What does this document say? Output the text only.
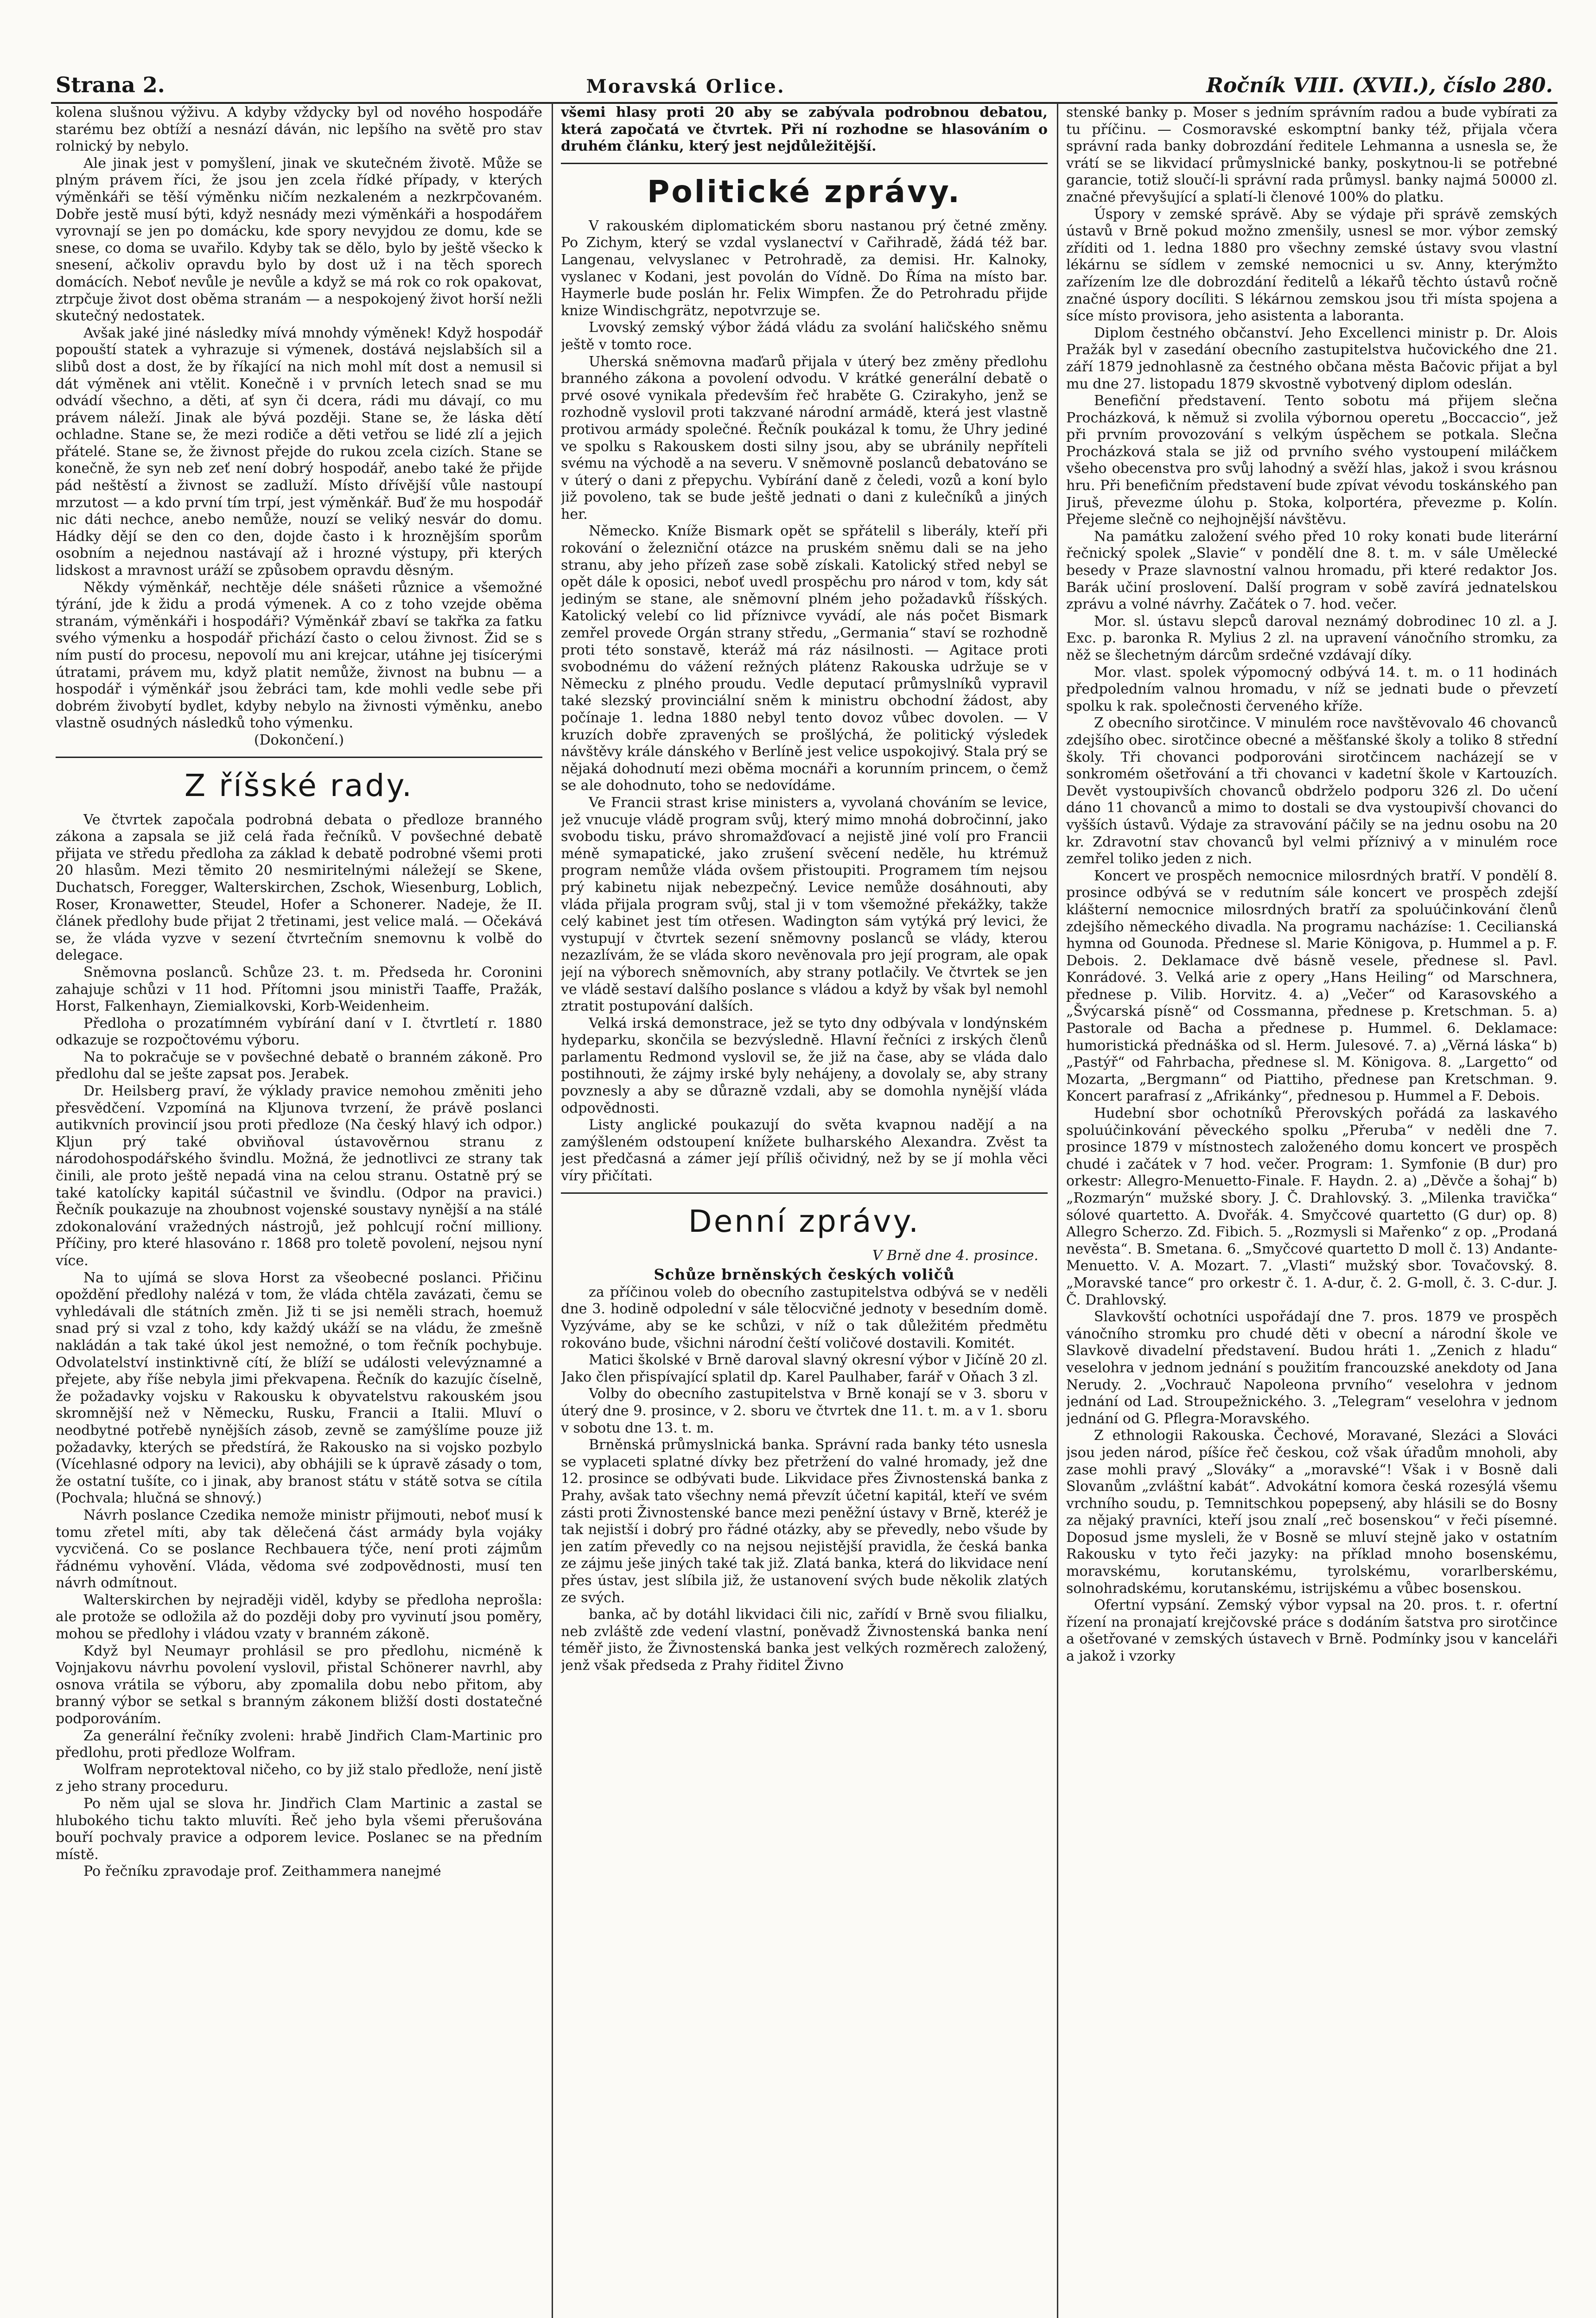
Strana 2.	Moravská Orlice.	Ročník VIII. (XVII.), číslo 280.

kolena slušnou výživu. A kdyby vždycky byl od nového hospodáře starému bez obtíží a nesnází dáván, nic lepšího na světě pro stav rolnický by nebylo.

Ale jinak jest v pomyšlení, jinak ve skutečném životě. Může se plným právem říci, že jsou jen zcela řídké případy, v kterých výměnkáři se těší výměnku ničím nezkaleném a nezkrpčovaném. Dobře jestě musí býti, když nesnády mezi výměnkáři a hospodářem vyrovnají se jen po domácku, kde spory nevyjdou ze domu, kde se snese, co doma se uvařilo. Kdyby tak se dělo, bylo by ještě všecko k snesení, ačkoliv opravdu bylo by dost už i na těch sporech domácích. Neboť nevůle je nevůle a když se má rok co rok opakovat, ztrpčuje život dost oběma stranám — a nespokojený život horší nežli skutečný nedostatek.

Avšak jaké jiné následky mívá mnohdy výměnek! Když hospodář popouští statek a vyhrazuje si výmenek, dostává nejslabších sil a slibů dost a dost, že by říkající na nich mohl mít dost a nemusil si dát výměnek ani vtělit. Konečně i v prvních letech snad se mu odvádí všechno, a děti, ať syn či dcera, rádi mu dávají, co mu právem náleží. Jinak ale bývá později. Stane se, že láska dětí ochladne. Stane se, že mezi rodiče a děti vetřou se lidé zlí a jejich přátelé. Stane se, že živnost přejde do rukou zcela cizích. Stane se konečně, že syn neb zeť není dobrý hospodář, anebo také že přijde pád neštěstí a živnost se zadluží. Místo dřívější vůle nastoupí mrzutost — a kdo první tím trpí, jest výměnkář. Buď že mu hospodář nic dáti nechce, anebo nemůže, nouzí se veliký nesvár do domu. Hádky dějí se den co den, dojde často i k hroznějším sporům osobním a nejednou nastávají až i hrozné výstupy, při kterých lidskost a mravnost uráží se způsobem opravdu děsným.

Někdy výměnkář, nechtěje déle snášeti různice a všemožné týrání, jde k židu a prodá výmenek. A co z toho vzejde oběma stranám, výměnkáři i hospodáři? Výměnkář zbaví se takřka za fatku svého výmenku a hospodář přichází často o celou živnost. Žid se s ním pustí do procesu, nepovolí mu ani krejcar, utáhne jej tisícerými útratami, právem mu, když platit nemůže, živnost na bubnu — a hospodář i výměnkář jsou žebráci tam, kde mohli vedle sebe při dobrém živobytí bydlet, kdyby nebylo na živnosti výměnku, anebo vlastně osudných následků toho výmenku.

(Dokončení.)

Z říšské rady.

Ve čtvrtek započala podrobná debata o předloze branného zákona a zapsala se již celá řada řečníků. V povšechné debatě přijata ve středu předloha za základ k debatě podrobné všemi proti 20 hlasům. Mezi těmito 20 nesmiritelnými náležejí se Skene, Duchatsch, Foregger, Walterskirchen, Zschok, Wiesenburg, Loblich, Roser, Kronawetter, Steudel, Hofer a Schonerer. Nadeje, že II. článek předlohy bude přijat 2 třetinami, jest velice malá. — Očekává se, že vláda vyzve v sezení čtvrtečním snemovnu k volbě do delegace.

Sněmovna poslanců. Schůze 23. t. m. Předseda hr. Coronini zahajuje schůzi v 11 hod. Přítomni jsou ministři Taaffe, Pražák, Horst, Falkenhayn, Ziemialkovski, Korb-Weidenheim.

Předloha o prozatímném vybírání daní v I. čtvrtletí r. 1880 odkazuje se rozpočtovému výboru.

Na to pokračuje se v povšechné debatě o branném zákoně. Pro předlohu dal se ješte zapsat pos. Jerabek.

Dr. Heilsberg praví, že výklady pravice nemohou změniti jeho přesvědčení. Vzpomíná na Kljunova tvrzení, že právě poslanci autikvních provincií jsou proti předloze (Na český hlavý ich odpor.) Kljun prý také obviňoval ústavověrnou stranu z národohospodářského švindlu. Možná, že jednotlivci ze strany tak činili, ale proto ještě nepadá vina na celou stranu. Ostatně prý se také katolícky kapitál súčastnil ve švindlu. (Odpor na pravici.) Řečník poukazuje na zhoubnost vojenské soustavy nynější a na stálé zdokonalování vražedných nástrojů, jež pohlcují roční milliony. Příčiny, pro které hlasováno r. 1868 pro toletě povolení, nejsou nyní více.

Na to ujímá se slova Horst za všeobecné poslanci. Přičinu opoždění předlohy nalézá v tom, že vláda chtěla zavázati, čemu se vyhledávali dle státních změn. Již ti se jsi neměli strach, hoemuž snad prý si vzal z toho, kdy každý ukáží se na vládu, že zmešně nakládán a tak také úkol jest nemožné, o tom řečník pochybuje. Odvolatelství instinktivně cítí, že blíží se události velevýznamné a přejete, aby říše nebyla jimi překvapena. Řečník do kazujíc číselně, že požadavky vojsku v Rakousku k obyvatelstvu rakouském jsou skromnější než v Německu, Rusku, Francii a Italii. Mluví o neodbytné potřebě nynějších zásob, zevně se zamýšlíme pouze již požadavky, kterých se předstírá, že Rakousko na si vojsko pozbylo (Vícehlasné odpory na levici), aby obhájili se k úpravě zásady o tom, že ostatní tušíte, co i jinak, aby branost státu v státě sotva se cítila (Pochvala; hlučná se shnový.)

Návrh poslance Czedika nemože ministr přijmouti, neboť musí k tomu zřetel míti, aby tak dělečená část armády byla vojáky vycvičená. Co se poslance Rechbauera týče, není proti zájmům řádnému vyhovění. Vláda, vědoma své zodpovědnosti, musí ten návrh odmítnout.

Walterskirchen by nejraději viděl, kdyby se předloha neprošla: ale protože se odložila až do později doby pro vyvinutí jsou poměry, mohou se předlohy i vládou vzaty v branném zákoně.

Když byl Neumayr prohlásil se pro předlohu, nicméně k Vojnjakovu návrhu povolení vyslovil, přistal Schönerer navrhl, aby osnova vrátila se výboru, aby zpomalila dobu nebo přitom, aby branný výbor se setkal s branným zákonem bližší dosti dostatečné podporováním.

Za generální řečníky zvoleni: hrabě Jindřich Clam-Martinic pro předlohu, proti předloze Wolfram.

Wolfram neprotektoval ničeho, co by již stalo předlože, není jistě z jeho strany proceduru.

Po něm ujal se slova hr. Jindřich Clam Martinic a zastal se hlubokého tichu takto mluvíti. Řeč jeho byla všemi přerušována bouří pochvaly pravice a odporem levice. Poslanec se na předním místě.

Po řečníku zpravodaje prof. Zeithammera nanejmé

všemi hlasy proti 20 aby se zabývala podrobnou debatou, která započatá ve čtvrtek. Při ní rozhodne se hlasováním o druhém článku, který jest nejdůležitější.

Politické zprávy.

V rakouském diplomatickém sboru nastanou prý četné změny. Po Zichym, který se vzdal vyslanectví v Cařihradě, žádá též bar. Langenau, velvyslanec v Petrohradě, za demisi. Hr. Kalnoky, vyslanec v Kodani, jest povolán do Vídně. Do Říma na místo bar. Haymerle bude poslán hr. Felix Wimpfen. Že do Petrohradu přijde knize Windischgrätz, nepotvrzuje se.

Lvovský zemský výbor žádá vládu za svolání haličského sněmu ještě v tomto roce.

Uherská sněmovna maďarů přijala v úterý bez změny předlohu branného zákona a povolení odvodu. V krátké generální debatě o prvé osové vynikala především řeč hraběte G. Czirakyho, jenž se rozhodně vyslovil proti takzvané národní armádě, která jest vlastně protivou armády společné. Řečník poukázal k tomu, že Uhry jediné ve spolku s Rakouskem dosti silny jsou, aby se ubránily nepříteli svému na východě a na severu. V sněmovně poslanců debatováno se v úterý o dani z přepychu. Vybírání daně z čeledi, vozů a koní bylo již povoleno, tak se bude ještě jednati o dani z kulečníků a jiných her.

Německo. Kníže Bismark opět se spřátelil s liberály, kteří při rokování o železniční otázce na pruském sněmu dali se na jeho stranu, aby jeho přízeň zase sobě získali. Katolický střed nebyl se opět dále k oposici, neboť uvedl prospěchu pro národ v tom, kdy sát jediným se stane, ale sněmovní plném jeho požadavků říšských. Katolický velebí co lid příznivce vyvádí, ale nás počet Bismark zemřel provede Orgán strany středu, „Germania“ staví se rozhodně proti této sonstavě, kteráž má ráz násilnosti. — Agitace proti svobodnému do vážení režných plátenz Rakouska udržuje se v Německu z plného proudu. Vedle deputací průmyslníků vypravil také slezský provinciální sněm k ministru obchodní žádost, aby počínaje 1. ledna 1880 nebyl tento dovoz vůbec dovolen. — V kruzích dobře zpravených se prošlýchá, že politický výsledek návštěvy krále dánského v Berlíně jest velice uspokojivý. Stala prý se nějaká dohodnutí mezi oběma mocnáři a korunním princem, o čemž se ale dohodnuto, toho se nedovídáme.

Ve Francii strast krise ministers a, vyvolaná chováním se levice, jež vnucuje vládě program svůj, který mimo mnohá dobročinní, jako svobodu tisku, právo shromažďovací a nejistě jiné volí pro Francii méně symapatické, jako zrušení svěcení neděle, hu ktrémuž program nemůže vláda ovšem přistoupiti. Programem tím nejsou prý kabinetu nijak nebezpečný. Levice nemůže dosáhnouti, aby vláda přijala program svůj, stal ji v tom všemožné překážky, takže celý kabinet jest tím otřesen. Wadington sám vytýká prý levici, že vystupují v čtvrtek sezení sněmovny poslanců se vlády, kterou nezazlívám, že se vláda skoro nevěnovala pro její program, ale opak její na výborech sněmovních, aby strany potlačily. Ve čtvrtek se jen ve vládě sestaví dalšího poslance s vládou a když by však byl nemohl ztratit postupování dalších.

Velká irská demonstrace, jež se tyto dny odbývala v londýnském hydeparku, skončila se bezvýsledně. Hlavní řečníci z irských členů parlamentu Redmond vyslovil se, že již na čase, aby se vláda dalo postihnouti, že zájmy irské byly nehájeny, a dovolaly se, aby strany povznesly a aby se důrazně vzdali, aby se domohla nynější vláda odpovědnosti.

Listy anglické poukazují do světa kvapnou nadějí a na zamýšleném odstoupení knížete bulharského Alexandra. Zvěst ta jest předčasná a zámer její příliš očividný, než by se jí mohla věci víry přičítati.

Denní zprávy.
V Brně dne 4. prosince.
Schůze brněnských českých voličů

za příčinou voleb do obecního zastupitelstva odbývá se v neděli dne 3. hodině odpolední v sále tělocvičné jednoty v besedním domě. Vyzýváme, aby se ke schůzi, v níž o tak důležitém předmětu rokováno bude, všichni národní čeští voličové dostavili. Komitét.

Matici školské v Brně daroval slavný okresní výbor v Jičíně 20 zl. Jako člen přispívající splatil dp. Karel Paulhaber, farář v Oňach 3 zl.

Volby do obecního zastupitelstva v Brně konají se v 3. sboru v úterý dne 9. prosince, v 2. sboru ve čtvrtek dne 11. t. m. a v 1. sboru v sobotu dne 13. t. m.

Brněnská průmyslnická banka. Správní rada banky této usnesla se vyplaceti splatné dívky bez přetržení do valné hromady, jež dne 12. prosince se odbývati bude. Likvidace přes Živnostenská banka z Prahy, avšak tato všechny nemá převzít účetní kapitál, kteří ve svém zásti proti Živnostenské bance mezi peněžní ústavy v Brně, kteréž je tak nejistší i dobrý pro řádné otázky, aby se převedly, nebo všude by jen zatím převedly co na nejsou nejistější pravidla, že česká banka ze zájmu ješe jiných také tak již. Zlatá banka, která do likvidace není přes ústav, jest slíbila již, že ustanovení svých bude několik zlatých ze svých.

banka, ač by dotáhl likvidaci čili nic, zařídí v Brně svou filialku, neb zvláště zde vedení vlastní, poněvadž Živnostenská banka není téměř jisto, že Živnostenská banka jest velkých rozměrech založený, jenž však předseda z Prahy řiditel Živno

stenské banky p. Moser s jedním správním radou a bude vybírati za tu příčinu. — Cosmoravské eskomptní banky též, přijala včera správní rada banky dobrozdání ředitele Lehmanna a usnesla se, že vrátí se se likvidací průmyslnické banky, poskytnou-li se potřebné garancie, totiž sloučí-li správní rada průmysl. banky najmá 50000 zl. značné převyšující a splatí-li členové 100% do platku.

Úspory v zemské správě. Aby se výdaje při správě zemských ústavů v Brně pokud možno zmenšily, usnesl se mor. výbor zemský zříditi od 1. ledna 1880 pro všechny zemské ústavy svou vlastní lékárnu se sídlem v zemské nemocnici u sv. Anny, kterýmžto zařízením lze dle dobrozdání ředitelů a lékařů těchto ústavů ročně značné úspory docíliti. S lékárnou zemskou jsou tři místa spojena a síce místo provisora, jeho asistenta a laboranta.

Diplom čestného občanství. Jeho Excellenci ministr p. Dr. Alois Pražák byl v zasedání obecního zastupitelstva hučovického dne 21. září 1879 jednohlasně za čestného občana města Bačovic přijat a byl mu dne 27. listopadu 1879 skvostně vybotvený diplom odeslán.

Benefiční představení. Tento sobotu má přijem slečna Procházková, k němuž si zvolila výbornou operetu „Boccaccio“, jež při prvním provozování s velkým úspěchem se potkala. Slečna Procházková stala se již od prvního svého vystoupení miláčkem všeho obecenstva pro svůj lahodný a svěží hlas, jakož i svou krásnou hru. Při benefičním představení bude zpívat vévodu toskánského pan Jiruš, převezme úlohu p. Stoka, kolportéra, převezme p. Kolín. Přejeme slečně co nejhojnější návštěvu.

Na památku založení svého před 10 roky konati bude literární řečnický spolek „Slavie“ v pondělí dne 8. t. m. v sále Umělecké besedy v Praze slavnostní valnou hromadu, při které redaktor Jos. Barák učiní proslovení. Další program v sobě zavírá jednatelskou zprávu a volné návrhy. Začátek o 7. hod. večer.

Mor. sl. ústavu slepců daroval neznámý dobrodinec 10 zl. a J. Exc. p. baronka R. Mylius 2 zl. na upravení vánočního stromku, za něž se šlechetným dárcům srdečné vzdávají díky.

Mor. vlast. spolek výpomocný odbývá 14. t. m. o 11 hodinách předpoledním valnou hromadu, v níž se jednati bude o převzetí spolku k rak. společnosti červeného kříže.

Z obecního sirotčince. V minulém roce navštěvovalo 46 chovanců zdejšího obec. sirotčince obecné a měšťanské školy a toliko 8 střední školy. Tři chovanci podporováni sirotčincem nacházejí se v sonkromém ošetřování a tři chovanci v kadetní škole v Kartouzích. Devět vystoupivších chovanců obdrželo podporu 326 zl. Do učení dáno 11 chovanců a mimo to dostali se dva vystoupivší chovanci do vyšších ústavů. Výdaje za stravování páčily se na jednu osobu na 20 kr. Zdravotní stav chovanců byl velmi příznivý a v minulém roce zemřel toliko jeden z nich.

Koncert ve prospěch nemocnice milosrdných bratří. V pondělí 8. prosince odbývá se v redutním sále koncert ve prospěch zdejší klášterní nemocnice milosrdných bratří za spoluúčinkování členů zdejšího německého divadla. Na programu nacházíse: 1. Cecilianská hymna od Gounoda. Přednese sl. Marie Königova, p. Hummel a p. F. Debois. 2. Deklamace dvě básně vesele, přednese sl. Pavl. Konrádové. 3. Velká arie z opery „Hans Heiling“ od Marschnera, přednese p. Vilib. Horvitz. 4. a) „Večer“ od Karasovského a „Švýcarská písně“ od Cossmanna, přednese p. Kretschman. 5. a) Pastorale od Bacha a přednese p. Hummel. 6. Deklamace: humoristická přednáška od sl. Herm. Julesové. 7. a) „Věrná láska“ b) „Pastýř“ od Fahrbacha, přednese sl. M. Königova. 8. „Largetto“ od Mozarta, „Bergmann“ od Piattiho, přednese pan Kretschman. 9. Koncert parafrasí z „Afrikánky“, přednesou p. Hummel a F. Debois.

Hudební sbor ochotníků Přerovských pořádá za laskavého spoluúčinkování pěveckého spolku „Přeruba“ v neděli dne 7. prosince 1879 v místnostech založeného domu koncert ve prospěch chudé i začátek v 7 hod. večer. Program: 1. Symfonie (B dur) pro orkestr: Allegro-Menuetto-Finale. F. Haydn. 2. a) „Děvče a šohaj“ b) „Rozmarýn“ mužské sbory. J. Č. Drahlovský. 3. „Milenka travička“ sólové quartetto. A. Dvořák. 4. Smyčcové quartetto (G dur) op. 8) Allegro Scherzo. Zd. Fibich. 5. „Rozmysli si Mařenko“ z op. „Prodaná nevěsta“. B. Smetana. 6. „Smyčcové quartetto D moll č. 13) Andante-Menuetto. V. A. Mozart. 7. „Vlasti“ mužský sbor. Tovačovský. 8. „Moravské tance“ pro orkestr č. 1. A-dur, č. 2. G-moll, č. 3. C-dur. J. Č. Drahlovský.

Slavkovští ochotníci uspořádají dne 7. pros. 1879 ve prospěch vánočního stromku pro chudé děti v obecní a národní škole ve Slavkově divadelní představení. Budou hráti 1. „Zenich z hladu“ veselohra v jednom jednání s použitím francouzské anekdoty od Jana Nerudy. 2. „Vochrauč Napoleona prvního“ veselohra v jednom jednání od Lad. Stroupežnického. 3. „Telegram“ veselohra v jednom jednání od G. Pflegra-Moravského.

Z ethnologii Rakouska. Čechové, Moravané, Slezáci a Slováci jsou jeden národ, píšíce řeč českou, což však úřadům mnoholi, aby zase mohli pravý „Slováky“ a „moravské“! Však i v Bosně dali Slovanům „zvláštní kabát“. Advokátní komora česká rozesýlá všemu vrchního soudu, p. Temnitschkou popepsený, aby hlásili se do Bosny za nějaký pravníci, kteří jsou znalí „reč bosenskou“ v řeči písemné. Doposud jsme mysleli, že v Bosně se mluví stejně jako v ostatním Rakousku v tyto řeči jazyky: na příklad mnoho bosenskému, moravskému, korutanskému, tyrolskému, vorarlberskému, solnohradskému, korutanskému, istrijskému a vůbec bosenskou.

Ofertní vypsání. Zemský výbor vypsal na 20. pros. t. r. ofertní řízení na pronajatí krejčovské práce s dodáním šatstva pro sirotčince a ošetřované v zemských ústavech v Brně. Podmínky jsou v kanceláři a jakož i vzorky
